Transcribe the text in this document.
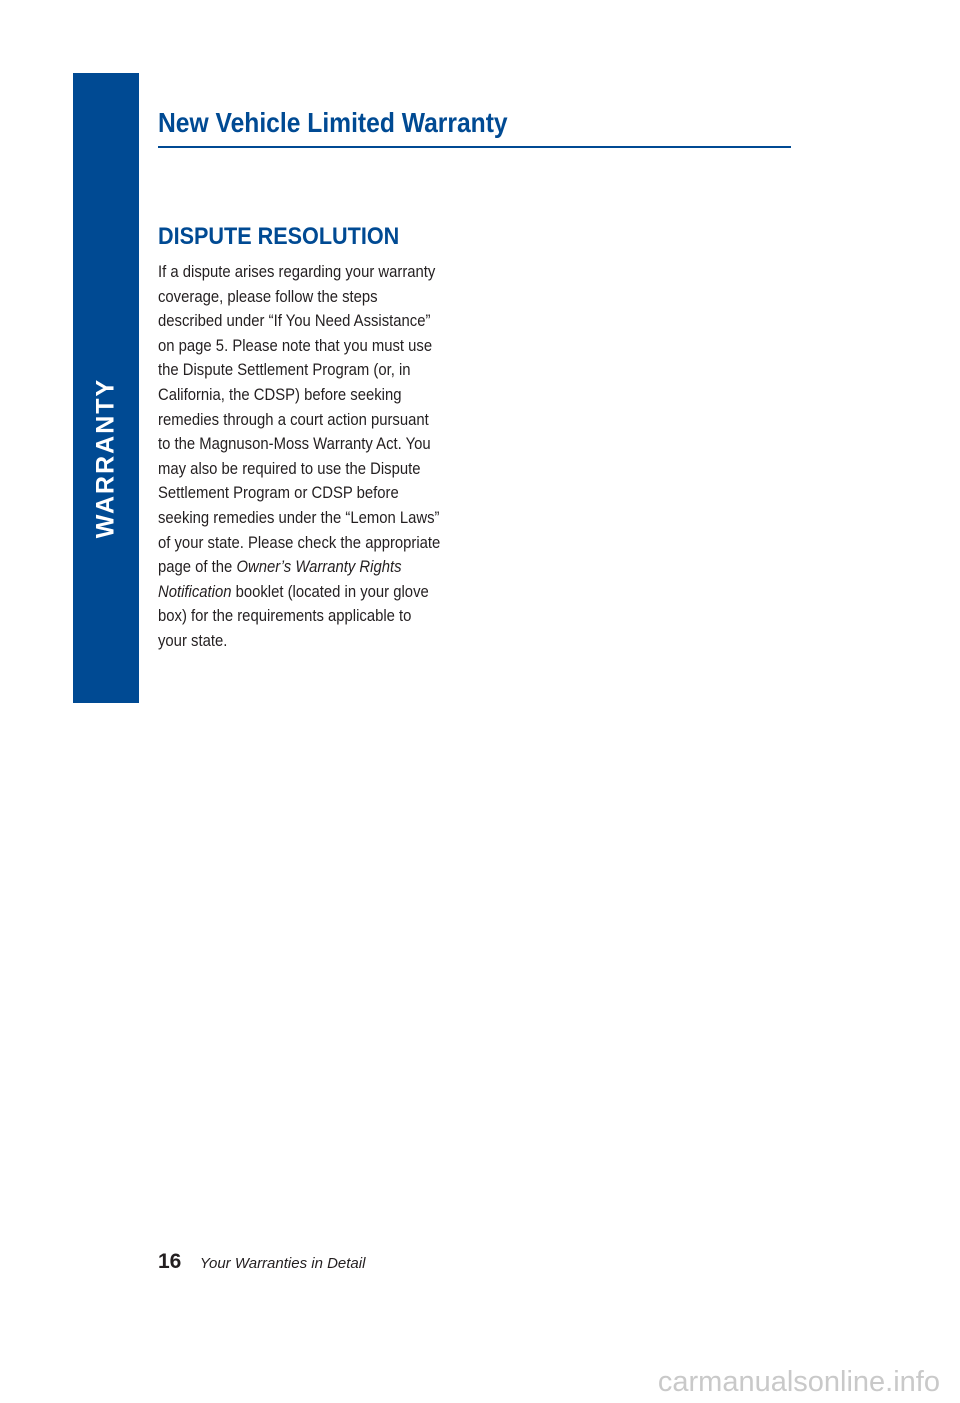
WARRANTY
New Vehicle Limited Warranty
DISPUTE RESOLUTION

If a dispute arises regarding your warranty
coverage, please follow the steps
described under “If You Need Assistance”
on page 5. Please note that you must use
the Dispute Settlement Program (or, in
California, the CDSP) before seeking
remedies through a court action pursuant
to the Magnuson-Moss Warranty Act. You
may also be required to use the Dispute
Settlement Program or CDSP before
seeking remedies under the “Lemon Laws”
of your state. Please check the appropriate
page of the Owner’s Warranty Rights
Notification booklet (located in your glove
box) for the requirements applicable to
your state.

16 Your Warranties in Detail
carmanualsonline.info
